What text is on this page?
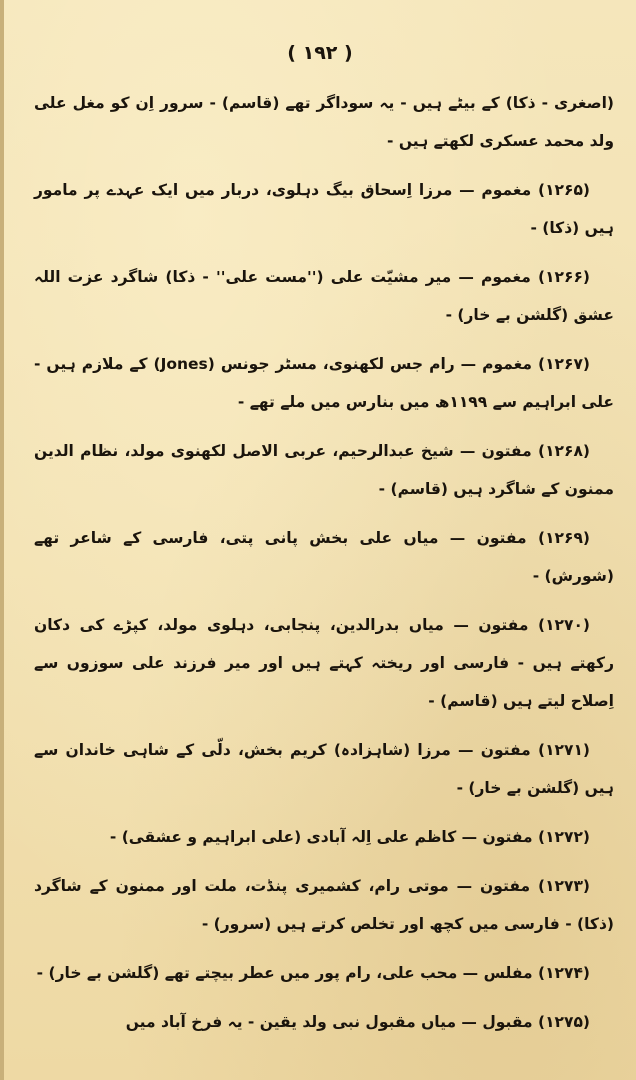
( ۱۹۲ )

(اصغری - ذکا) کے بیٹے ہیں - یہ سوداگر تھے (قاسم) - سرور اِن کو مغل علی ولد محمد عسکری لکھتے ہیں -

(۱۲۶۵) مغموم — مرزا اِسحاق بیگ دہلوی، دربار میں ایک عہدے پر مامور ہیں (ذکا) -

(۱۲۶۶) مغموم — میر مشیّت علی (''مست علی'' - ذکا) شاگرد عزت اللہ عشق (گلشن بے خار) -

(۱۲۶۷) مغموم — رام جس لکھنوی، مسٹر جونس (Jones) کے ملازم ہیں - علی ابراہیم سے ۱۱۹۹ھ میں بنارس میں ملے تھے -

(۱۲۶۸) مفتون — شیخ عبدالرحیم، عربی الاصل لکھنوی مولد، نظام الدین ممنون کے شاگرد ہیں (قاسم) -

(۱۲۶۹) مفتون — میاں علی بخش پانی پتی، فارسی کے شاعر تھے (شورش) -

(۱۲۷۰) مفتون — میاں بدرالدین، پنجابی، دہلوی مولد، کپڑے کی دکان رکھتے ہیں - فارسی اور ریختہ کہتے ہیں اور میر فرزند علی سوزوں سے اِصلاح لیتے ہیں (قاسم) -

(۱۲۷۱) مفتون — مرزا (شاہزادہ) کریم بخش، دلّی کے شاہی خاندان سے ہیں (گلشن بے خار) -

(۱۲۷۲) مفتون — کاظم علی اِلہ آبادی (علی ابراہیم و عشقی) -

(۱۲۷۳) مفتون — موتی رام، کشمیری پنڈت، ملت اور ممنون کے شاگرد (ذکا) - فارسی میں کچھ اور تخلص کرتے ہیں (سرور) -

(۱۲۷۴) مفلس — محب علی، رام پور میں عطر بیچتے تھے (گلشن بے خار) -

(۱۲۷۵) مقبول — میاں مقبول نبی ولد یقین - یہ فرخ آباد میں
